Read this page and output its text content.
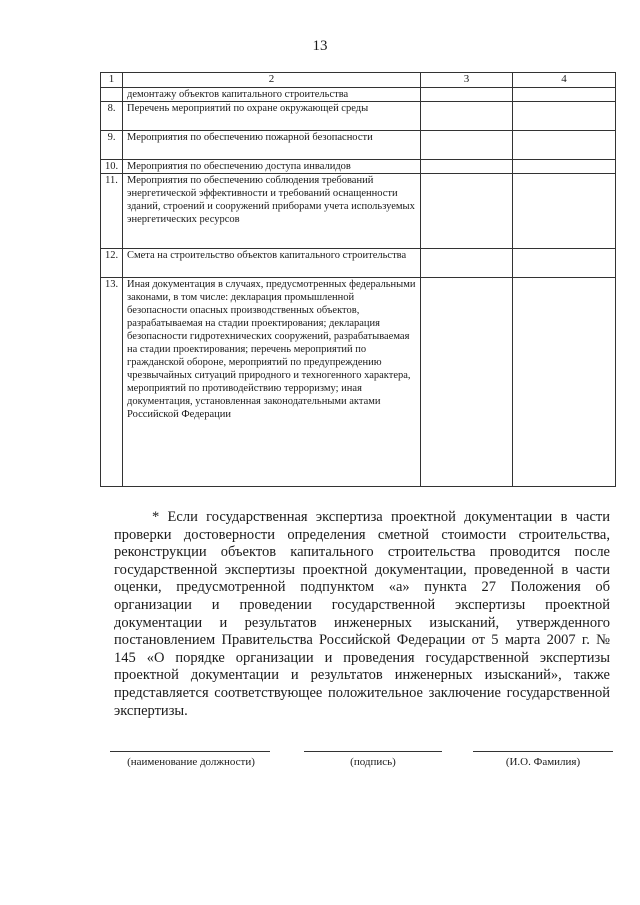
13
1	2	3	4
	демонтажу объектов капитального строительства		
8.	Перечень мероприятий по охране окружающей среды		
9.	Мероприятия по обеспечению пожарной безопасности		
10.	Мероприятия по обеспечению доступа инвалидов		
11.	Мероприятия по обеспечению соблюдения требований энергетической эффективности и требований оснащенности зданий, строений и сооружений приборами учета используемых энергетических ресурсов		
12.	Смета на строительство объектов капитального строительства		
13.	Иная документация в случаях, предусмотренных федеральными законами, в том числе: декларация промышленной безопасности опасных производственных объектов, разрабатываемая на стадии проектирования; декларация безопасности гидротехнических сооружений, разрабатываемая на стадии проектирования; перечень мероприятий по гражданской обороне, мероприятий по предупреждению чрезвычайных ситуаций природного и техногенного характера, мероприятий по противодействию терроризму; иная документация, установленная законодательными актами Российской Федерации		
* Если государственная экспертиза проектной документации в части проверки достоверности определения сметной стоимости строительства, реконструкции объектов капитального строительства проводится после государственной экспертизы проектной документации, проведенной в части оценки, предусмотренной подпунктом «а» пункта 27 Положения об организации и проведении государственной экспертизы проектной документации и результатов инженерных изысканий, утвержденного постановлением Правительства Российской Федерации от 5 марта 2007 г. № 145 «О порядке организации и проведения государственной экспертизы проектной документации и результатов инженерных изысканий», также представляется соответствующее положительное заключение государственной экспертизы.
(наименование должности)	(подпись)	(И.О. Фамилия)
